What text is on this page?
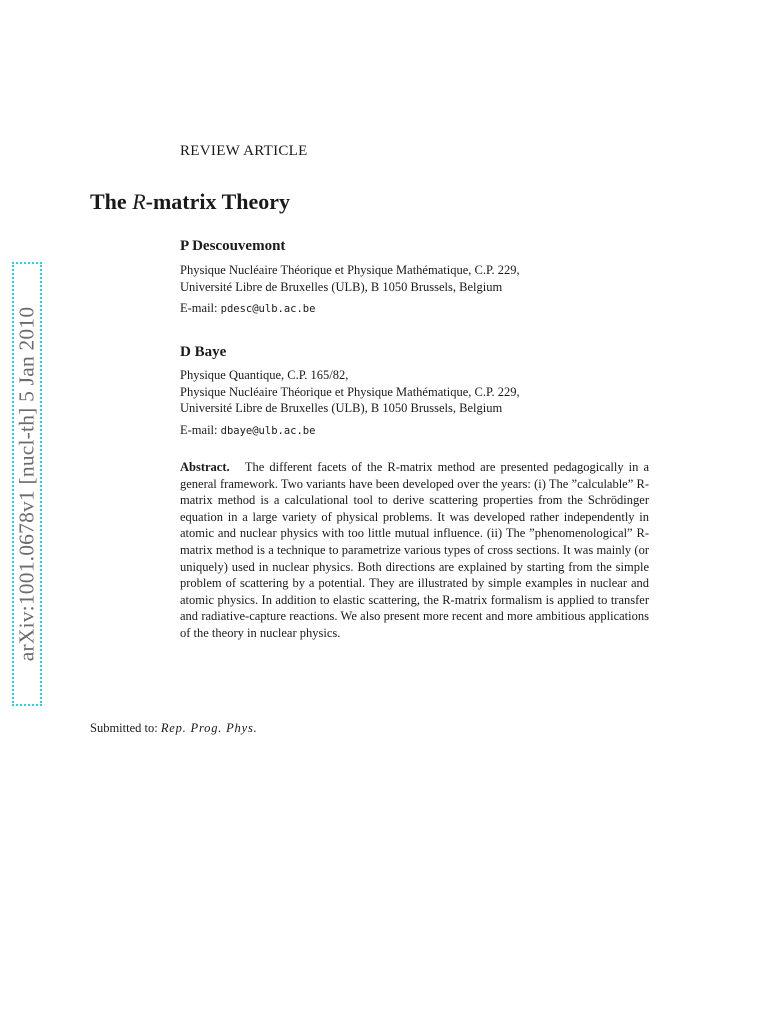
arXiv:1001.0678v1 [nucl-th] 5 Jan 2010
REVIEW ARTICLE
The R-matrix Theory
P Descouvemont
Physique Nucléaire Théorique et Physique Mathématique, C.P. 229,
Université Libre de Bruxelles (ULB), B 1050 Brussels, Belgium
E-mail: pdesc@ulb.ac.be
D Baye
Physique Quantique, C.P. 165/82,
Physique Nucléaire Théorique et Physique Mathématique, C.P. 229,
Université Libre de Bruxelles (ULB), B 1050 Brussels, Belgium
E-mail: dbaye@ulb.ac.be
Abstract. The different facets of the R-matrix method are presented pedagogically in a general framework. Two variants have been developed over the years: (i) The ”calculable” R-matrix method is a calculational tool to derive scattering properties from the Schrödinger equation in a large variety of physical problems. It was developed rather independently in atomic and nuclear physics with too little mutual influence. (ii) The ”phenomenological” R-matrix method is a technique to parametrize various types of cross sections. It was mainly (or uniquely) used in nuclear physics. Both directions are explained by starting from the simple problem of scattering by a potential. They are illustrated by simple examples in nuclear and atomic physics. In addition to elastic scattering, the R-matrix formalism is applied to transfer and radiative-capture reactions. We also present more recent and more ambitious applications of the theory in nuclear physics.
Submitted to: Rep. Prog. Phys.
